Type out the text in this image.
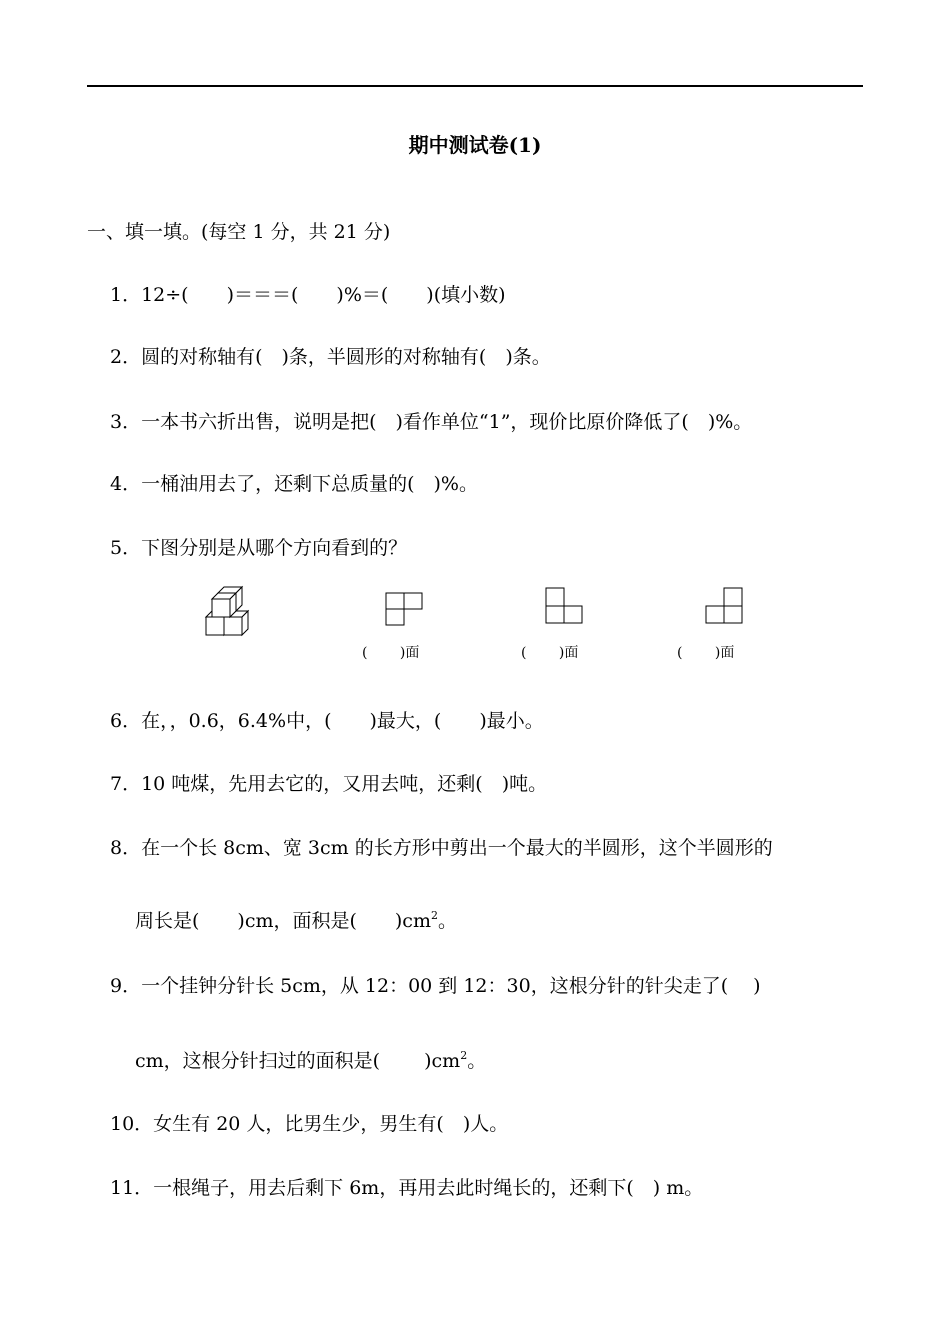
期中测试卷(1)
一、填一填。(每空 1 分，共 21 分)
1．12÷(　　)＝＝＝(　　)%＝(　　)(填小数)
2．圆的对称轴有(　)条，半圆形的对称轴有(　)条。
3．一本书六折出售，说明是把(　)看作单位“1”，现价比原价降低了(　)%。
4．一桶油用去了，还剩下总质量的(　)%。
5．下图分别是从哪个方向看到的？
(　　 )面	(　　 )面	(　　 )面
6．在，，0.6，6.4%中，(　　)最大，(　　)最小。
7．10 吨煤，先用去它的，又用去吨，还剩(　)吨。
8．在一个长 8cm、宽 3cm 的长方形中剪出一个最大的半圆形，这个半圆形的
周长是(　　)cm，面积是(　　)$cm^2$。
9．一个挂钟分针长 5cm，从 12：00 到 12：30，这根分针的针尖走了(　 )
cm，这根分针扫过的面积是(　　 )$cm^2$。
10．女生有 20 人，比男生少，男生有(　)人。
11．一根绳子，用去后剩下 6m，再用去此时绳长的，还剩下(　) m。
